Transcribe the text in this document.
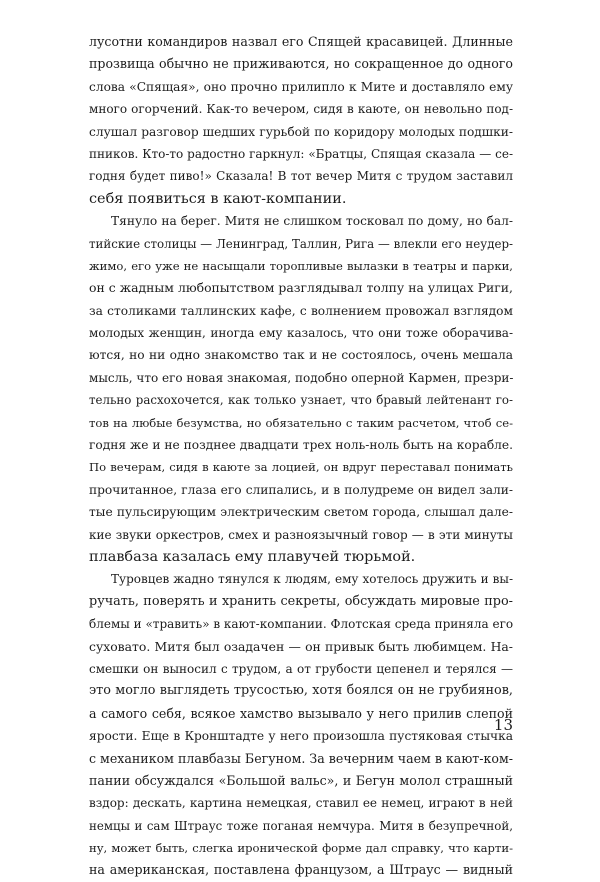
лусотни командиров назвал его Спящей красавицей. Длинные
прозвища обычно не приживаются, но сокращенное до одного
слова «Спящая», оно прочно прилипло к Мите и доставляло ему
много огорчений. Как-то вечером, сидя в каюте, он невольно под-
слушал разговор шедших гурьбой по коридору молодых подшки-
пников. Кто-то радостно гаркнул: «Братцы, Спящая сказала — се-
годня будет пиво!» Сказала! В тот вечер Митя с трудом заставил
себя появиться в кают-компании.
Тянуло на берег. Митя не слишком тосковал по дому, но бал-
тийские столицы — Ленинград, Таллин, Рига — влекли его неудер-
жимо, его уже не насыщали торопливые вылазки в театры и парки,
он с жадным любопытством разглядывал толпу на улицах Риги,
за столиками таллинских кафе, с волнением провожал взглядом
молодых женщин, иногда ему казалось, что они тоже оборачива-
ются, но ни одно знакомство так и не состоялось, очень мешала
мысль, что его новая знакомая, подобно оперной Кармен, презри-
тельно расхохочется, как только узнает, что бравый лейтенант го-
тов на любые безумства, но обязательно с таким расчетом, чтоб се-
годня же и не позднее двадцати трех ноль-ноль быть на корабле.
По вечерам, сидя в каюте за лоцией, он вдруг переставал понимать
прочитанное, глаза его слипались, и в полудреме он видел зали-
тые пульсирующим электрическим светом города, слышал дале-
кие звуки оркестров, смех и разноязычный говор — в эти минуты
плавбаза казалась ему плавучей тюрьмой.
Туровцев жадно тянулся к людям, ему хотелось дружить и вы-
ручать, поверять и хранить секреты, обсуждать мировые про-
блемы и «травить» в кают-компании. Флотская среда приняла его
суховато. Митя был озадачен — он привык быть любимцем. На-
смешки он выносил с трудом, а от грубости цепенел и терялся —
это могло выглядеть трусостью, хотя боялся он не грубиянов,
а самого себя, всякое хамство вызывало у него прилив слепой
ярости. Еще в Кронштадте у него произошла пустяковая стычка
с механиком плавбазы Бегуном. За вечерним чаем в кают-ком-
пании обсуждался «Большой вальс», и Бегун молол страшный
вздор: дескать, картина немецкая, ставил ее немец, играют в ней
немцы и сам Штраус тоже поганая немчура. Митя в безупречной,
ну, может быть, слегка иронической форме дал справку, что карти-
на американская, поставлена французом, а Штраус — видный
13
